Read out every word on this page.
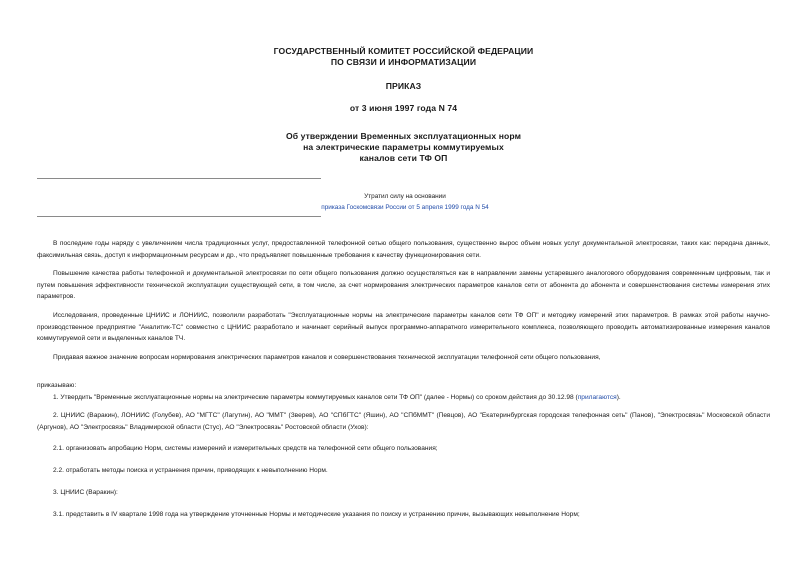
ГОСУДАРСТВЕННЫЙ КОМИТЕТ РОССИЙСКОЙ ФЕДЕРАЦИИ
ПО СВЯЗИ И ИНФОРМАТИЗАЦИИ
ПРИКАЗ
от 3 июня 1997 года N 74
Об утверждении Временных эксплуатационных норм
на электрические параметры коммутируемых
каналов сети ТФ ОП
Утратил силу на основании
приказа Госкомсвязи России от 5 апреля 1999 года N 54
В последние годы наряду с увеличением числа традиционных услуг, предоставленной телефонной сетью общего пользования, существенно вырос объем новых услуг документальной электросвязи, таких как: передача данных, факсимильная связь, доступ к информационным ресурсам и др., что предъявляет повышенные требования к качеству функционирования сети.
Повышение качества работы телефонной и документальной электросвязи по сети общего пользования должно осуществляться как в направлении замены устаревшего аналогового оборудования современным цифровым, так и путем повышения эффективности технической эксплуатации существующей сети, в том числе, за счет нормирования электрических параметров каналов сети от абонента до абонента и совершенствования системы измерения этих параметров.
Исследования, проведенные ЦНИИС и ЛОНИИС, позволили разработать "Эксплуатационные нормы на электрические параметры каналов сети ТФ ОП" и методику измерений этих параметров. В рамках этой работы научно-производственное предприятие "Аналитик-ТС" совместно с ЦНИИС разработало и начинает серийный выпуск программно-аппаратного измерительного комплекса, позволяющего проводить автоматизированные измерения каналов коммутируемой сети и выделенных каналов ТЧ.
Придавая важное значение вопросам нормирования электрических параметров каналов и совершенствования технической эксплуатации телефонной сети общего пользования,
приказываю:
1. Утвердить "Временные эксплуатационные нормы на электрические параметры коммутируемых каналов сети ТФ ОП" (далее - Нормы) со сроком действия до 30.12.98 (прилагаются).
2. ЦНИИС (Варакин), ЛОНИИС (Голубев), АО "МГТС" (Лагутин), АО "ММТ" (Зверев), АО "СПбГТС" (Яшин), АО "СПбММТ" (Певцов), АО "Екатеринбургская городская телефонная сеть" (Панов), "Электросвязь" Московской области (Аргунов), АО "Электросвязь" Владимирской области (Стус), АО "Электросвязь" Ростовской области (Ухов):
2.1. организовать апробацию Норм, системы измерений и измерительных средств на телефонной сети общего пользования;
2.2. отработать методы поиска и устранения причин, приводящих к невыполнению Норм.
3. ЦНИИС (Варакин):
3.1. представить в IV квартале 1998 года на утверждение уточненные Нормы и методические указания по поиску и устранению причин, вызывающих невыполнение Норм;
